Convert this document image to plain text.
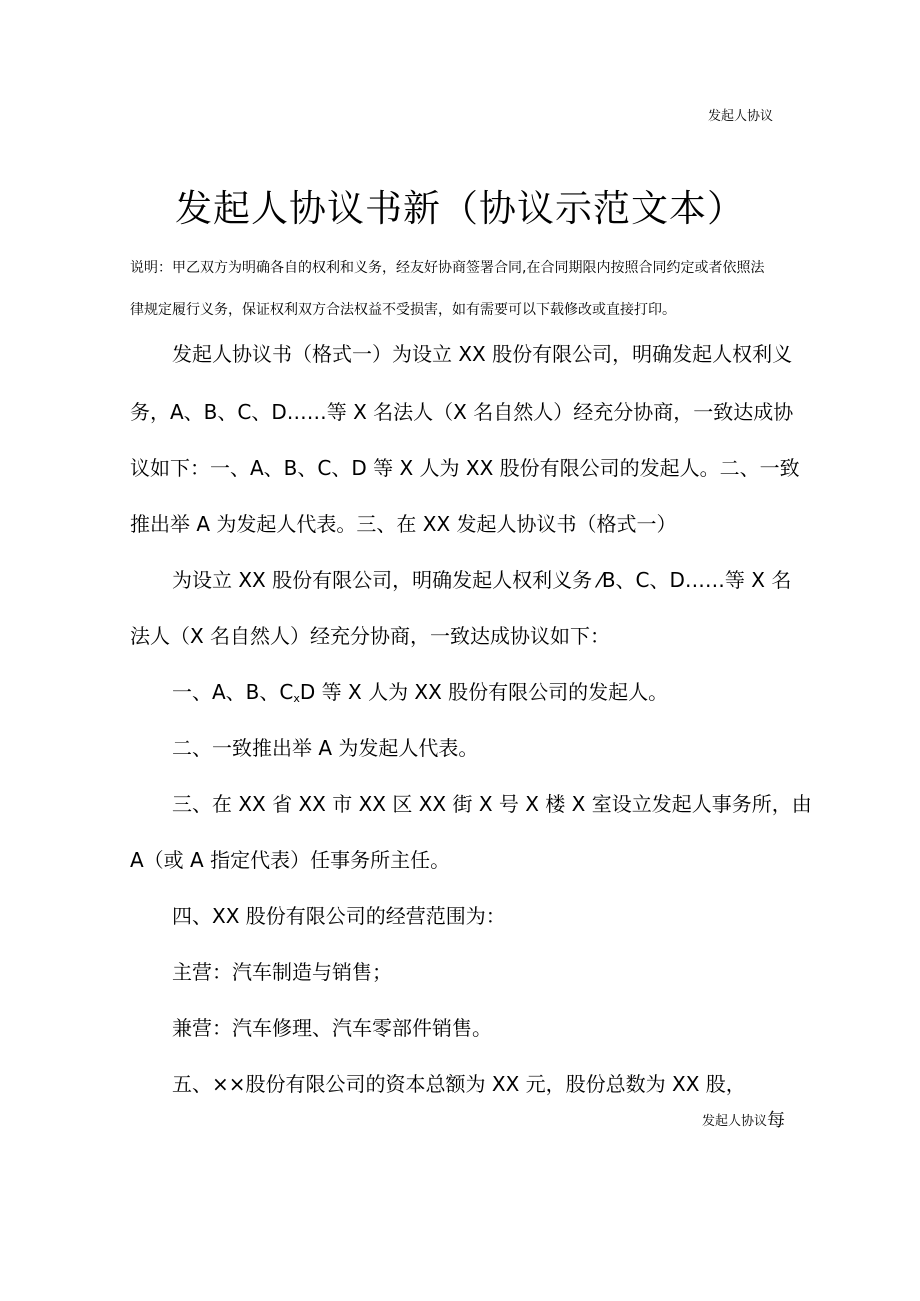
发起人协议
发起人协议书新（协议示范文本）

说明：甲乙双方为明确各自的权利和义务，经友好协商签署合同,在合同期限内按照合同约定或者依照法

律规定履行义务，保证权利双方合法权益不受损害，如有需要可以下载修改或直接打印。

发起人协议书（格式一）为设立 XX 股份有限公司，明确发起人权利义
务，A、B、C、D……等 X 名法人（X 名自然人）经充分协商，一致达成协
议如下：一、A、B、C、D 等 X 人为 XX 股份有限公司的发起人。二、一致
推出举 A 为发起人代表。三、在 XX 发起人协议书（格式一）
为设立 XX 股份有限公司，明确发起人权利义务 ⁄B、C、D……等 X 名
法人（X 名自然人）经充分协商，一致达成协议如下：
一、A、B、CxD 等 X 人为 XX 股份有限公司的发起人。
二、一致推出举 A 为发起人代表。
三、在 XX 省 XX 市 XX 区 XX 街 X 号 X 楼 X 室设立发起人事务所，由
A（或 A 指定代表）任事务所主任。
四、XX 股份有限公司的经营范围为：
主营：汽车制造与销售；
兼营：汽车修理、汽车零部件销售。
五、××股份有限公司的资本总额为 XX 元，股份总数为 XX 股，
发起人协议每
